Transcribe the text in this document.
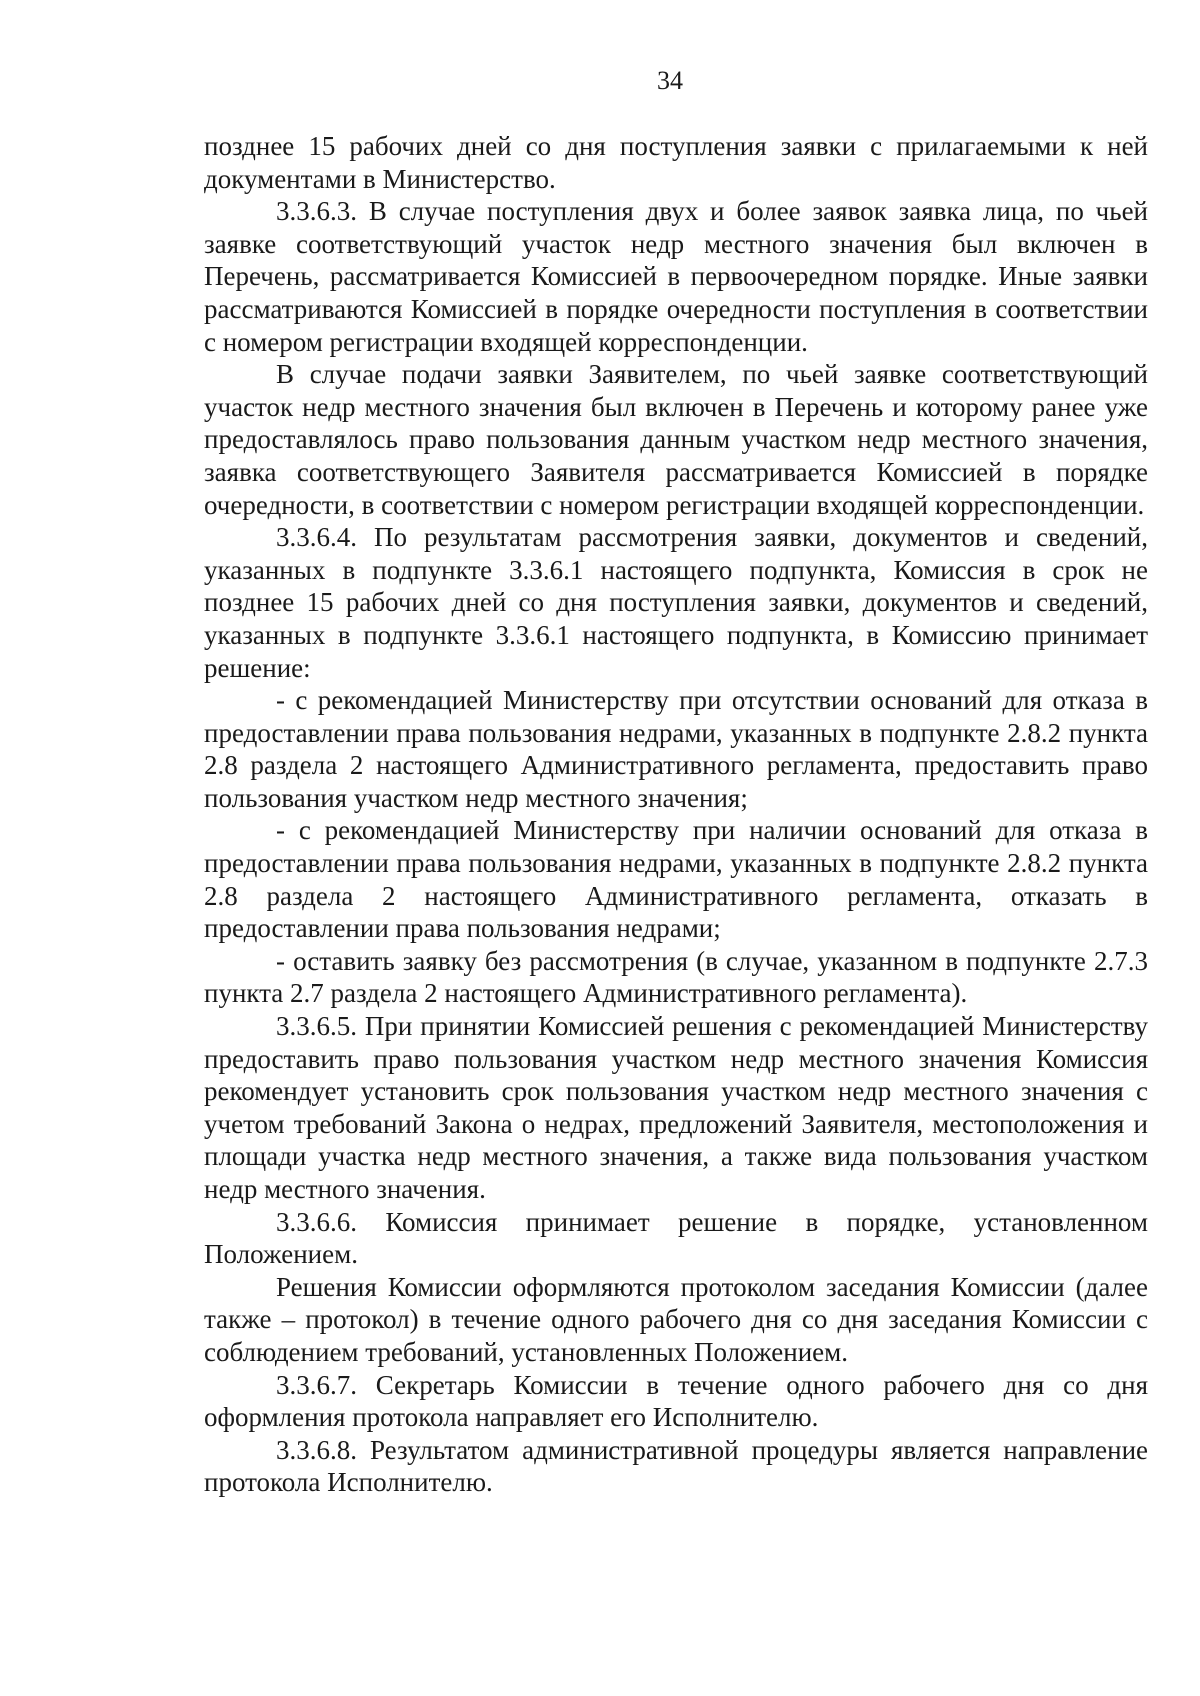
34

позднее 15 рабочих дней со дня поступления заявки с прилагаемыми к ней документами в Министерство.

3.3.6.3. В случае поступления двух и более заявок заявка лица, по чьей заявке соответствующий участок недр местного значения был включен в Перечень, рассматривается Комиссией в первоочередном порядке. Иные заявки рассматриваются Комиссией в порядке очередности поступления в соответствии с номером регистрации входящей корреспонденции.

В случае подачи заявки Заявителем, по чьей заявке соответствующий участок недр местного значения был включен в Перечень и которому ранее уже предоставлялось право пользования данным участком недр местного значения, заявка соответствующего Заявителя рассматривается Комиссией в порядке очередности, в соответствии с номером регистрации входящей корреспонденции.

3.3.6.4. По результатам рассмотрения заявки, документов и сведений, указанных в подпункте 3.3.6.1 настоящего подпункта, Комиссия в срок не позднее 15 рабочих дней со дня поступления заявки, документов и сведений, указанных в подпункте 3.3.6.1 настоящего подпункта, в Комиссию принимает решение:

- с рекомендацией Министерству при отсутствии оснований для отказа в предоставлении права пользования недрами, указанных в подпункте 2.8.2 пункта 2.8 раздела 2 настоящего Административного регламента, предоставить право пользования участком недр местного значения;

- с рекомендацией Министерству при наличии оснований для отказа в предоставлении права пользования недрами, указанных в подпункте 2.8.2 пункта 2.8 раздела 2 настоящего Административного регламента, отказать в предоставлении права пользования недрами;

- оставить заявку без рассмотрения (в случае, указанном в подпункте 2.7.3 пункта 2.7 раздела 2 настоящего Административного регламента).

3.3.6.5. При принятии Комиссией решения с рекомендацией Министерству предоставить право пользования участком недр местного значения Комиссия рекомендует установить срок пользования участком недр местного значения с учетом требований Закона о недрах, предложений Заявителя, местоположения и площади участка недр местного значения, а также вида пользования участком недр местного значения.

3.3.6.6. Комиссия принимает решение в порядке, установленном Положением.

Решения Комиссии оформляются протоколом заседания Комиссии (далее также – протокол) в течение одного рабочего дня со дня заседания Комиссии с соблюдением требований, установленных Положением.

3.3.6.7. Секретарь Комиссии в течение одного рабочего дня со дня оформления протокола направляет его Исполнителю.

3.3.6.8. Результатом административной процедуры является направление протокола Исполнителю.
